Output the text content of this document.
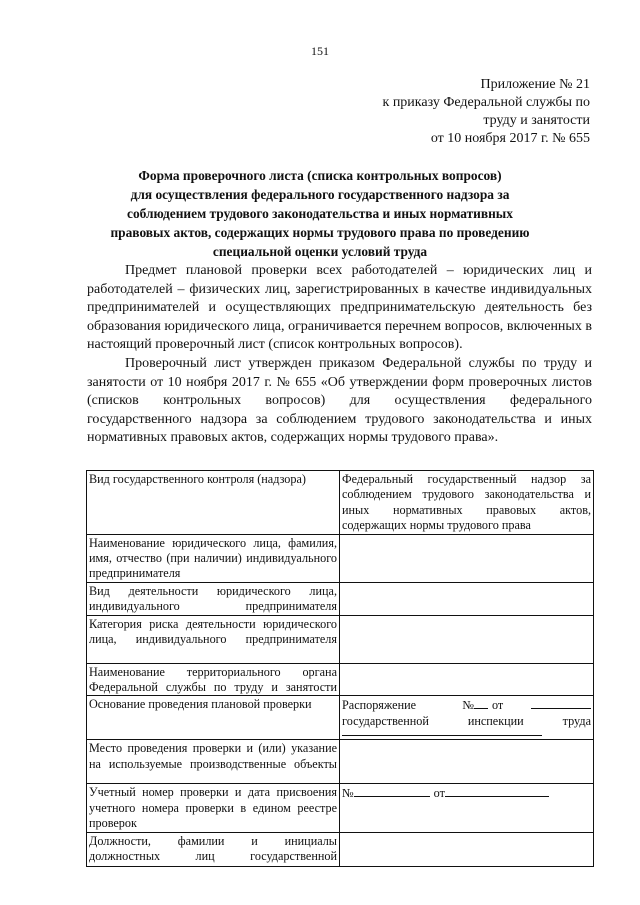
151
Приложение № 21
к приказу Федеральной службы по
труду и занятости
от 10 ноября 2017 г. № 655
Форма проверочного листа (списка контрольных вопросов)
для осуществления федерального государственного надзора за
соблюдением трудового законодательства и иных нормативных
правовых актов, содержащих нормы трудового права по проведению
специальной оценки условий труда

Предмет плановой проверки всех работодателей – юридических лиц и работодателей – физических лиц, зарегистрированных в качестве индивидуальных предпринимателей и осуществляющих предпринимательскую деятельность без образования юридического лица, ограничивается перечнем вопросов, включенных в настоящий проверочный лист (список контрольных вопросов).

Проверочный лист утвержден приказом Федеральной службы по труду и занятости от 10 ноября 2017 г. № 655 «Об утверждении форм проверочных листов (списков контрольных вопросов) для осуществления федерального государственного надзора за соблюдением трудового законодательства и иных нормативных правовых актов, содержащих нормы трудового права».

Вид государственного контроля (надзора)	Федеральный государственный надзор за соблюдением трудового законодательства и иных нормативных правовых актов, содержащих нормы трудового права
Наименование юридического лица, фамилия, имя, отчество (при наличии) индивидуального предпринимателя	
Вид деятельности юридического лица, индивидуального предпринимателя	
Категория риска деятельности юридического лица, индивидуального предпринимателя	
Наименование территориального органа Федеральной службы по труду и занятости	
Основание проведения плановой проверки	Распоряжение № от
государственной инспекции труда

Место проведения проверки и (или) указание на используемые производственные объекты	
Учетный номер проверки и дата присвоения учетного номера проверки в едином реестре проверок	№ от

Должности, фамилии и инициалы должностных лиц государственной	
